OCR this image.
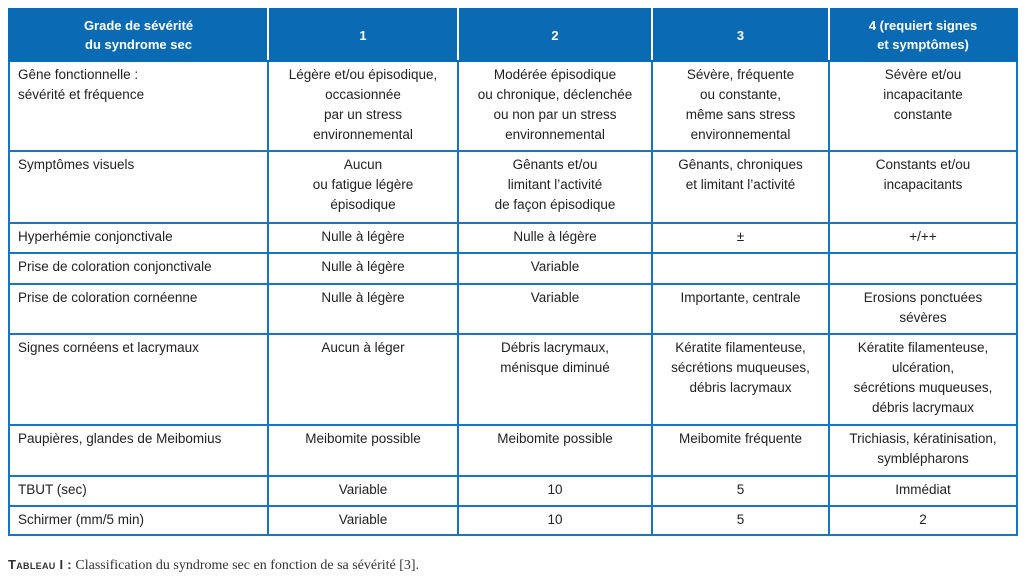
Grade de sévérité
du syndrome sec	1	2	3	4 (requiert signes
et symptômes)

Gêne fonctionnelle :
sévérité et fréquence	Légère et/ou épisodique,
occasionnée
par un stress
environnemental	Modérée épisodique
ou chronique, déclenchée
ou non par un stress
environnemental	Sévère, fréquente
ou constante,
même sans stress
environnemental	Sévère et/ou
incapacitante
constante

Symptômes visuels	Aucun
ou fatigue légère
épisodique	Gênants et/ou
limitant l’activité
de façon épisodique	Gênants, chroniques
et limitant l’activité	Constants et/ou
incapacitants

Hyperhémie conjonctivale	Nulle à légère	Nulle à légère	±	+/++

Prise de coloration conjonctivale	Nulle à légère	Variable		

Prise de coloration cornéenne	Nulle à légère	Variable	Importante, centrale	Erosions ponctuées
sévères

Signes cornéens et lacrymaux	Aucun à léger	Débris lacrymaux,
ménisque diminué	Kératite filamenteuse,
sécrétions muqueuses,
débris lacrymaux	Kératite filamenteuse,
ulcération,
sécrétions muqueuses,
débris lacrymaux

Paupières, glandes de Meibomius	Meibomite possible	Meibomite possible	Meibomite fréquente	Trichiasis, kératinisation,
symblépharons

TBUT (sec)	Variable	10	5	Immédiat

Schirmer (mm/5 min)	Variable	10	5	2
Tableau I : Classification du syndrome sec en fonction de sa sévérité [3].
